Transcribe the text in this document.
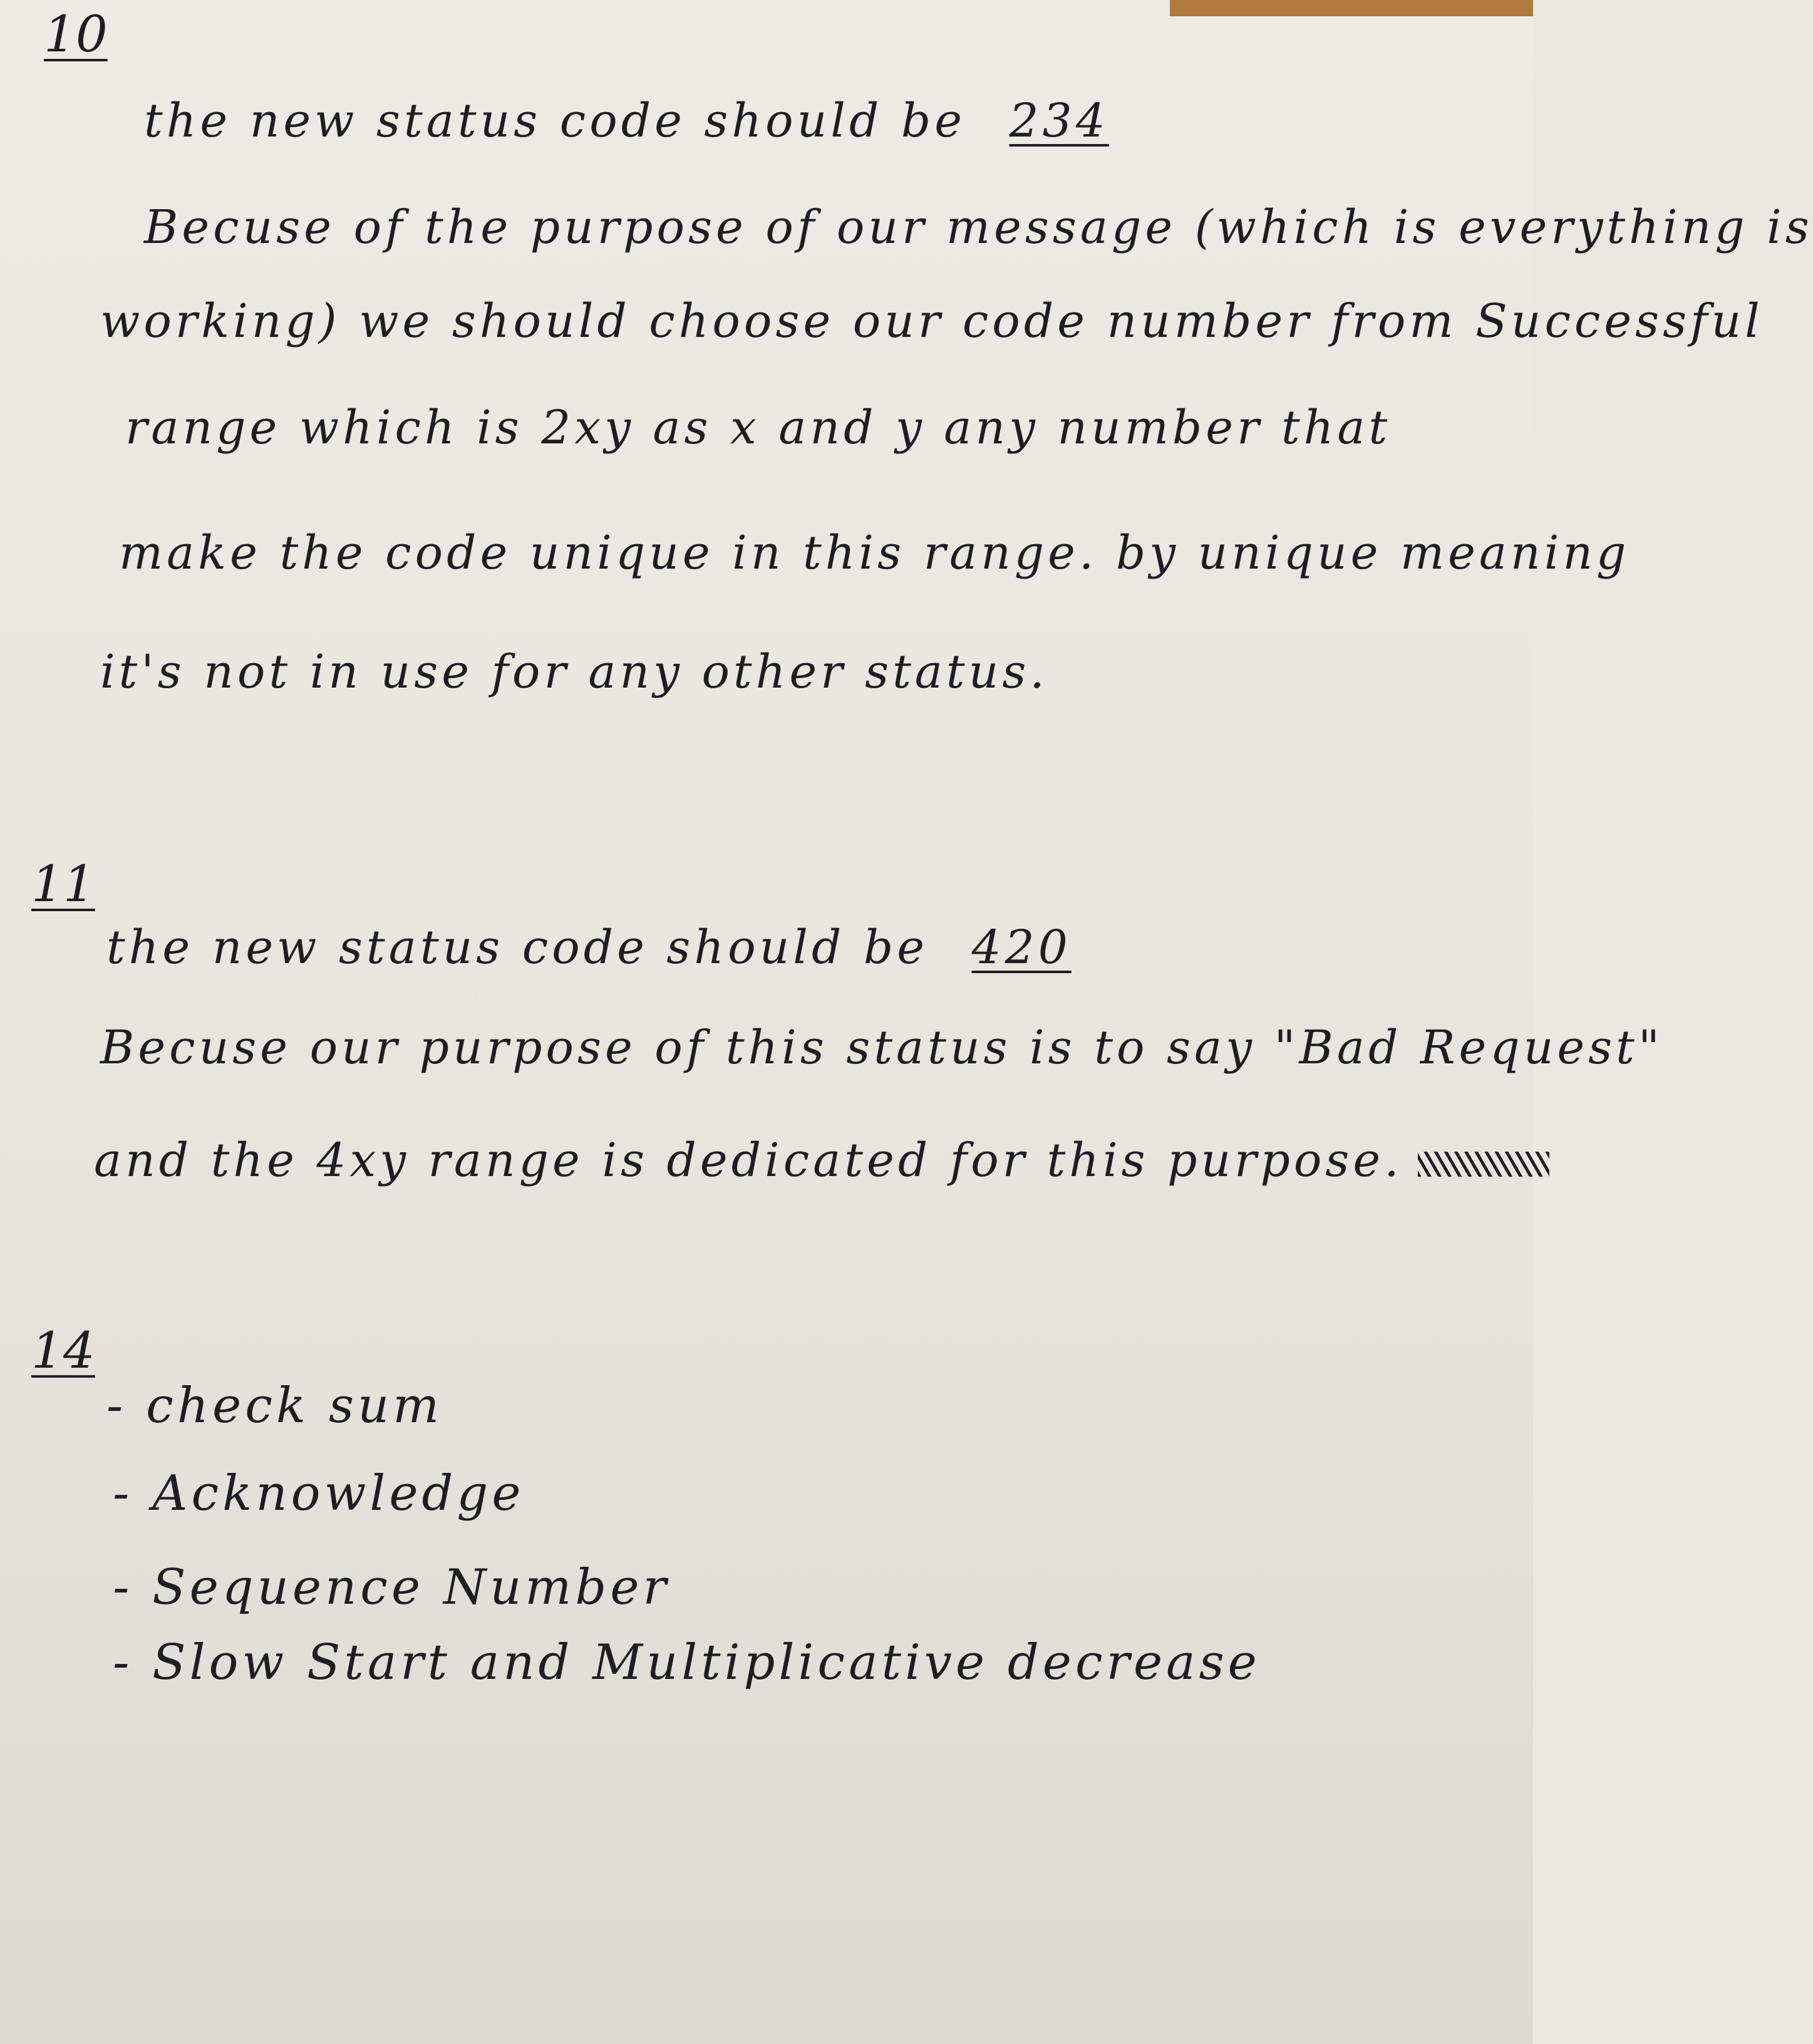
10
the new status code should be 234
Becuse of the purpose of our message (which is everything is
working) we should choose our code number from Successful
range which is 2xy as x and y any number that
make the code unique in this range. by unique meaning
it's not in use for any other status.
11
the new status code should be 420
Becuse our purpose of this status is to say "Bad Request"
and the 4xy range is dedicated for this purpose.
14
- check sum
- Acknowledge
- Sequence Number
- Slow Start and Multiplicative decrease
